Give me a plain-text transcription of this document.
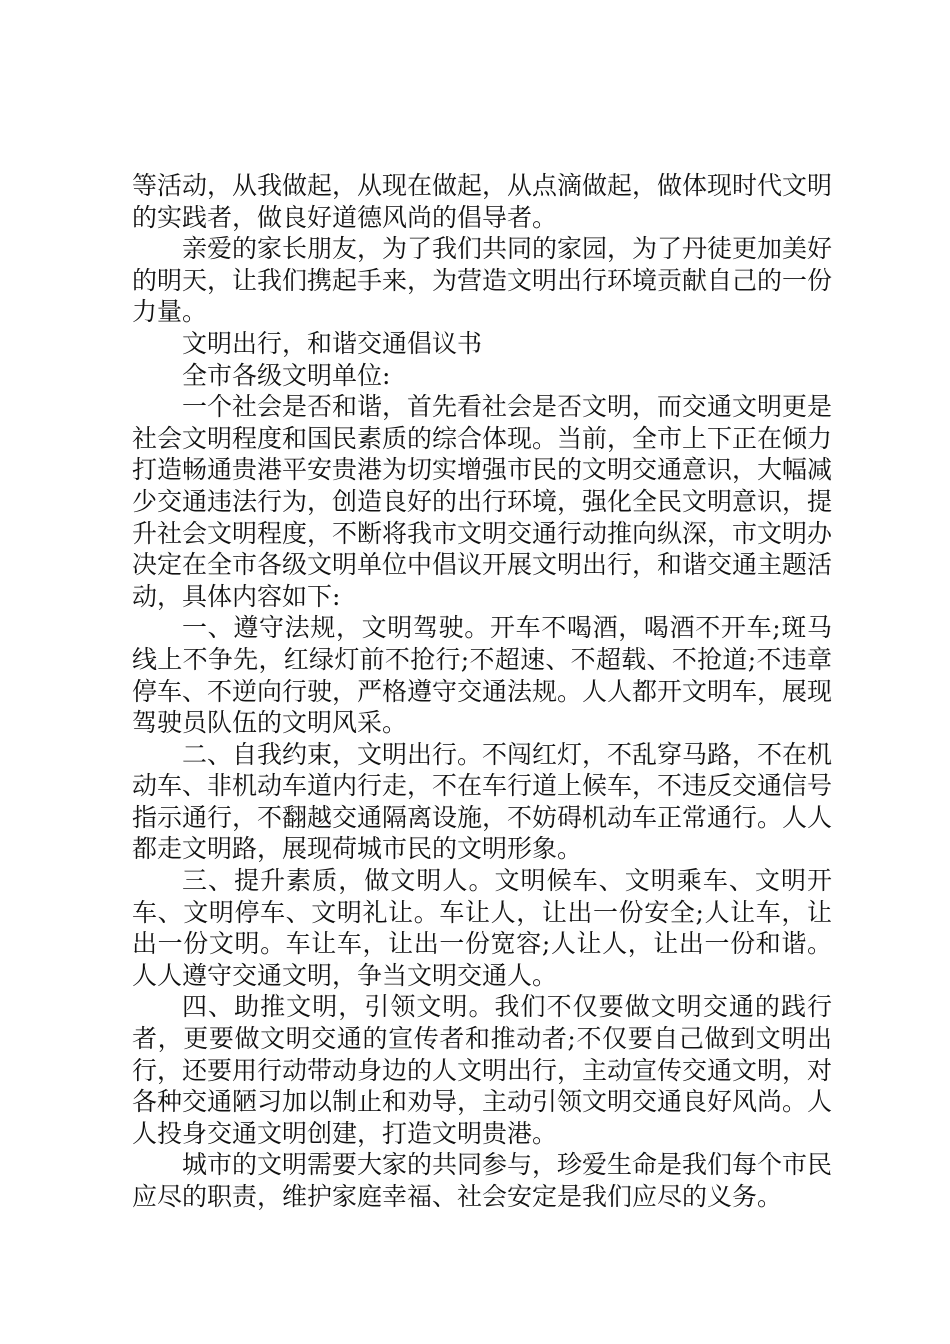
等活动，从我做起，从现在做起，从点滴做起，做体现时代文明的实践者，做良好道德风尚的倡导者。

亲爱的家长朋友，为了我们共同的家园，为了丹徒更加美好的明天，让我们携起手来，为营造文明出行环境贡献自己的一份力量。

文明出行，和谐交通倡议书

全市各级文明单位:

一个社会是否和谐，首先看社会是否文明，而交通文明更是社会文明程度和国民素质的综合体现。当前，全市上下正在倾力打造畅通贵港平安贵港为切实增强市民的文明交通意识，大幅减少交通违法行为，创造良好的出行环境，强化全民文明意识，提升社会文明程度，不断将我市文明交通行动推向纵深，市文明办决定在全市各级文明单位中倡议开展文明出行，和谐交通主题活动，具体内容如下:

一、遵守法规，文明驾驶。开车不喝酒，喝酒不开车;斑马线上不争先，红绿灯前不抢行;不超速、不超载、不抢道;不违章停车、不逆向行驶，严格遵守交通法规。人人都开文明车，展现驾驶员队伍的文明风采。

二、自我约束，文明出行。不闯红灯，不乱穿马路，不在机动车、非机动车道内行走，不在车行道上候车，不违反交通信号指示通行，不翻越交通隔离设施，不妨碍机动车正常通行。人人都走文明路，展现荷城市民的文明形象。

三、提升素质，做文明人。文明候车、文明乘车、文明开车、文明停车、文明礼让。车让人，让出一份安全;人让车，让出一份文明。车让车，让出一份宽容;人让人，让出一份和谐。人人遵守交通文明，争当文明交通人。

四、助推文明，引领文明。我们不仅要做文明交通的践行者，更要做文明交通的宣传者和推动者;不仅要自己做到文明出行，还要用行动带动身边的人文明出行，主动宣传交通文明，对各种交通陋习加以制止和劝导，主动引领文明交通良好风尚。人人投身交通文明创建，打造文明贵港。

城市的文明需要大家的共同参与，珍爱生命是我们每个市民应尽的职责，维护家庭幸福、社会安定是我们应尽的义务。
